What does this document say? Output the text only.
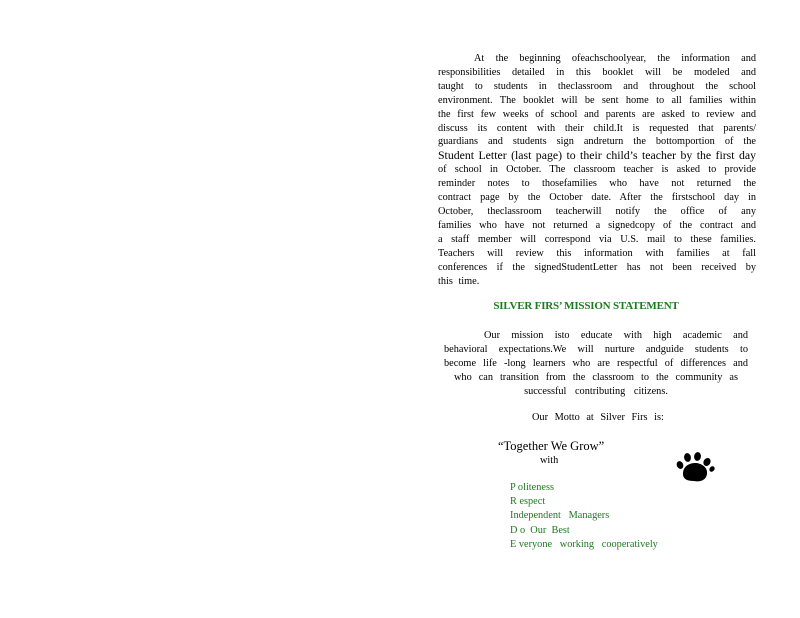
At the beginning ofeachschoolyear, the information and
responsibilities detailed in this booklet will be modeled and
taught to students in theclassroom and throughout the school
environment. The booklet will be sent home to all families within
the first few weeks of school and parents are asked to review and
discuss its content with their child.It is requested that parents/
guardians and students sign andreturn the bottomportion of the
Student Letter (last page) to their child’s teacher by the first day
of school in October. The classroom teacher is asked to provide
reminder notes to thosefamilies who have not returned the
contract page by the October date. After the firstschool day in
October, theclassroom teacherwill notify the office of any
families who have not returned a signedcopy of the contract and
a staff member will correspond via U.S. mail to these families.
Teachers will review this information with families at fall
conferences if the signedStudentLetter has not been received by
this time.
SILVER FIRS’ MISSION STATEMENT
Our mission isto educate with high academic and
behavioral expectations.We will nurture andguide students to
become life -long learners who are respectful of differences and
who can transition from the classroom to the community as
successful contributing citizens.
Our Motto at Silver Firs is:
“Together We Grow”
with
P oliteness
R espect
Independent   Managers
D o  Our  Best
E veryone   working   cooperatively
